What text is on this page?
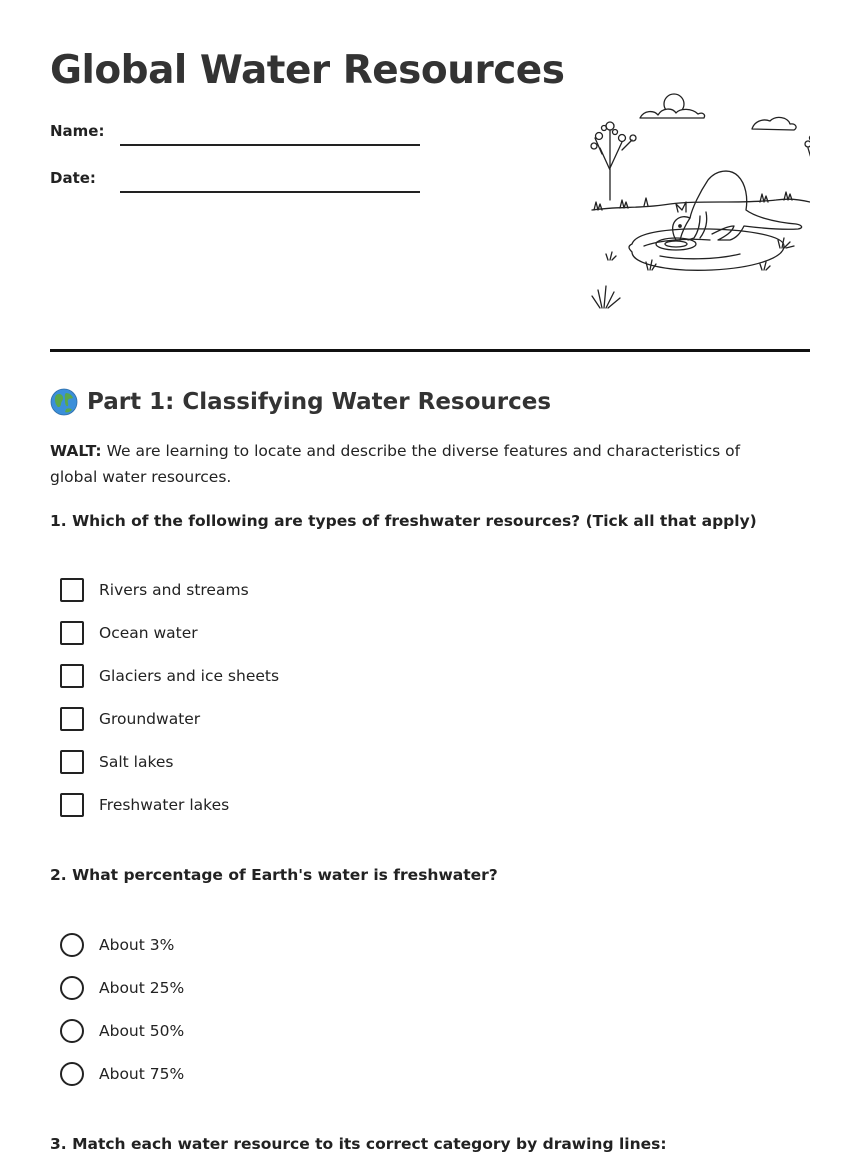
Global Water Resources
Name:
Date:
Part 1: Classifying Water Resources

WALT: We are learning to locate and describe the diverse features and characteristics of global water resources.

1. Which of the following are types of freshwater resources? (Tick all that apply)
Rivers and streams
Ocean water
Glaciers and ice sheets
Groundwater
Salt lakes
Freshwater lakes
2. What percentage of Earth's water is freshwater?
About 3%
About 25%
About 50%
About 75%
3. Match each water resource to its correct category by drawing lines:
